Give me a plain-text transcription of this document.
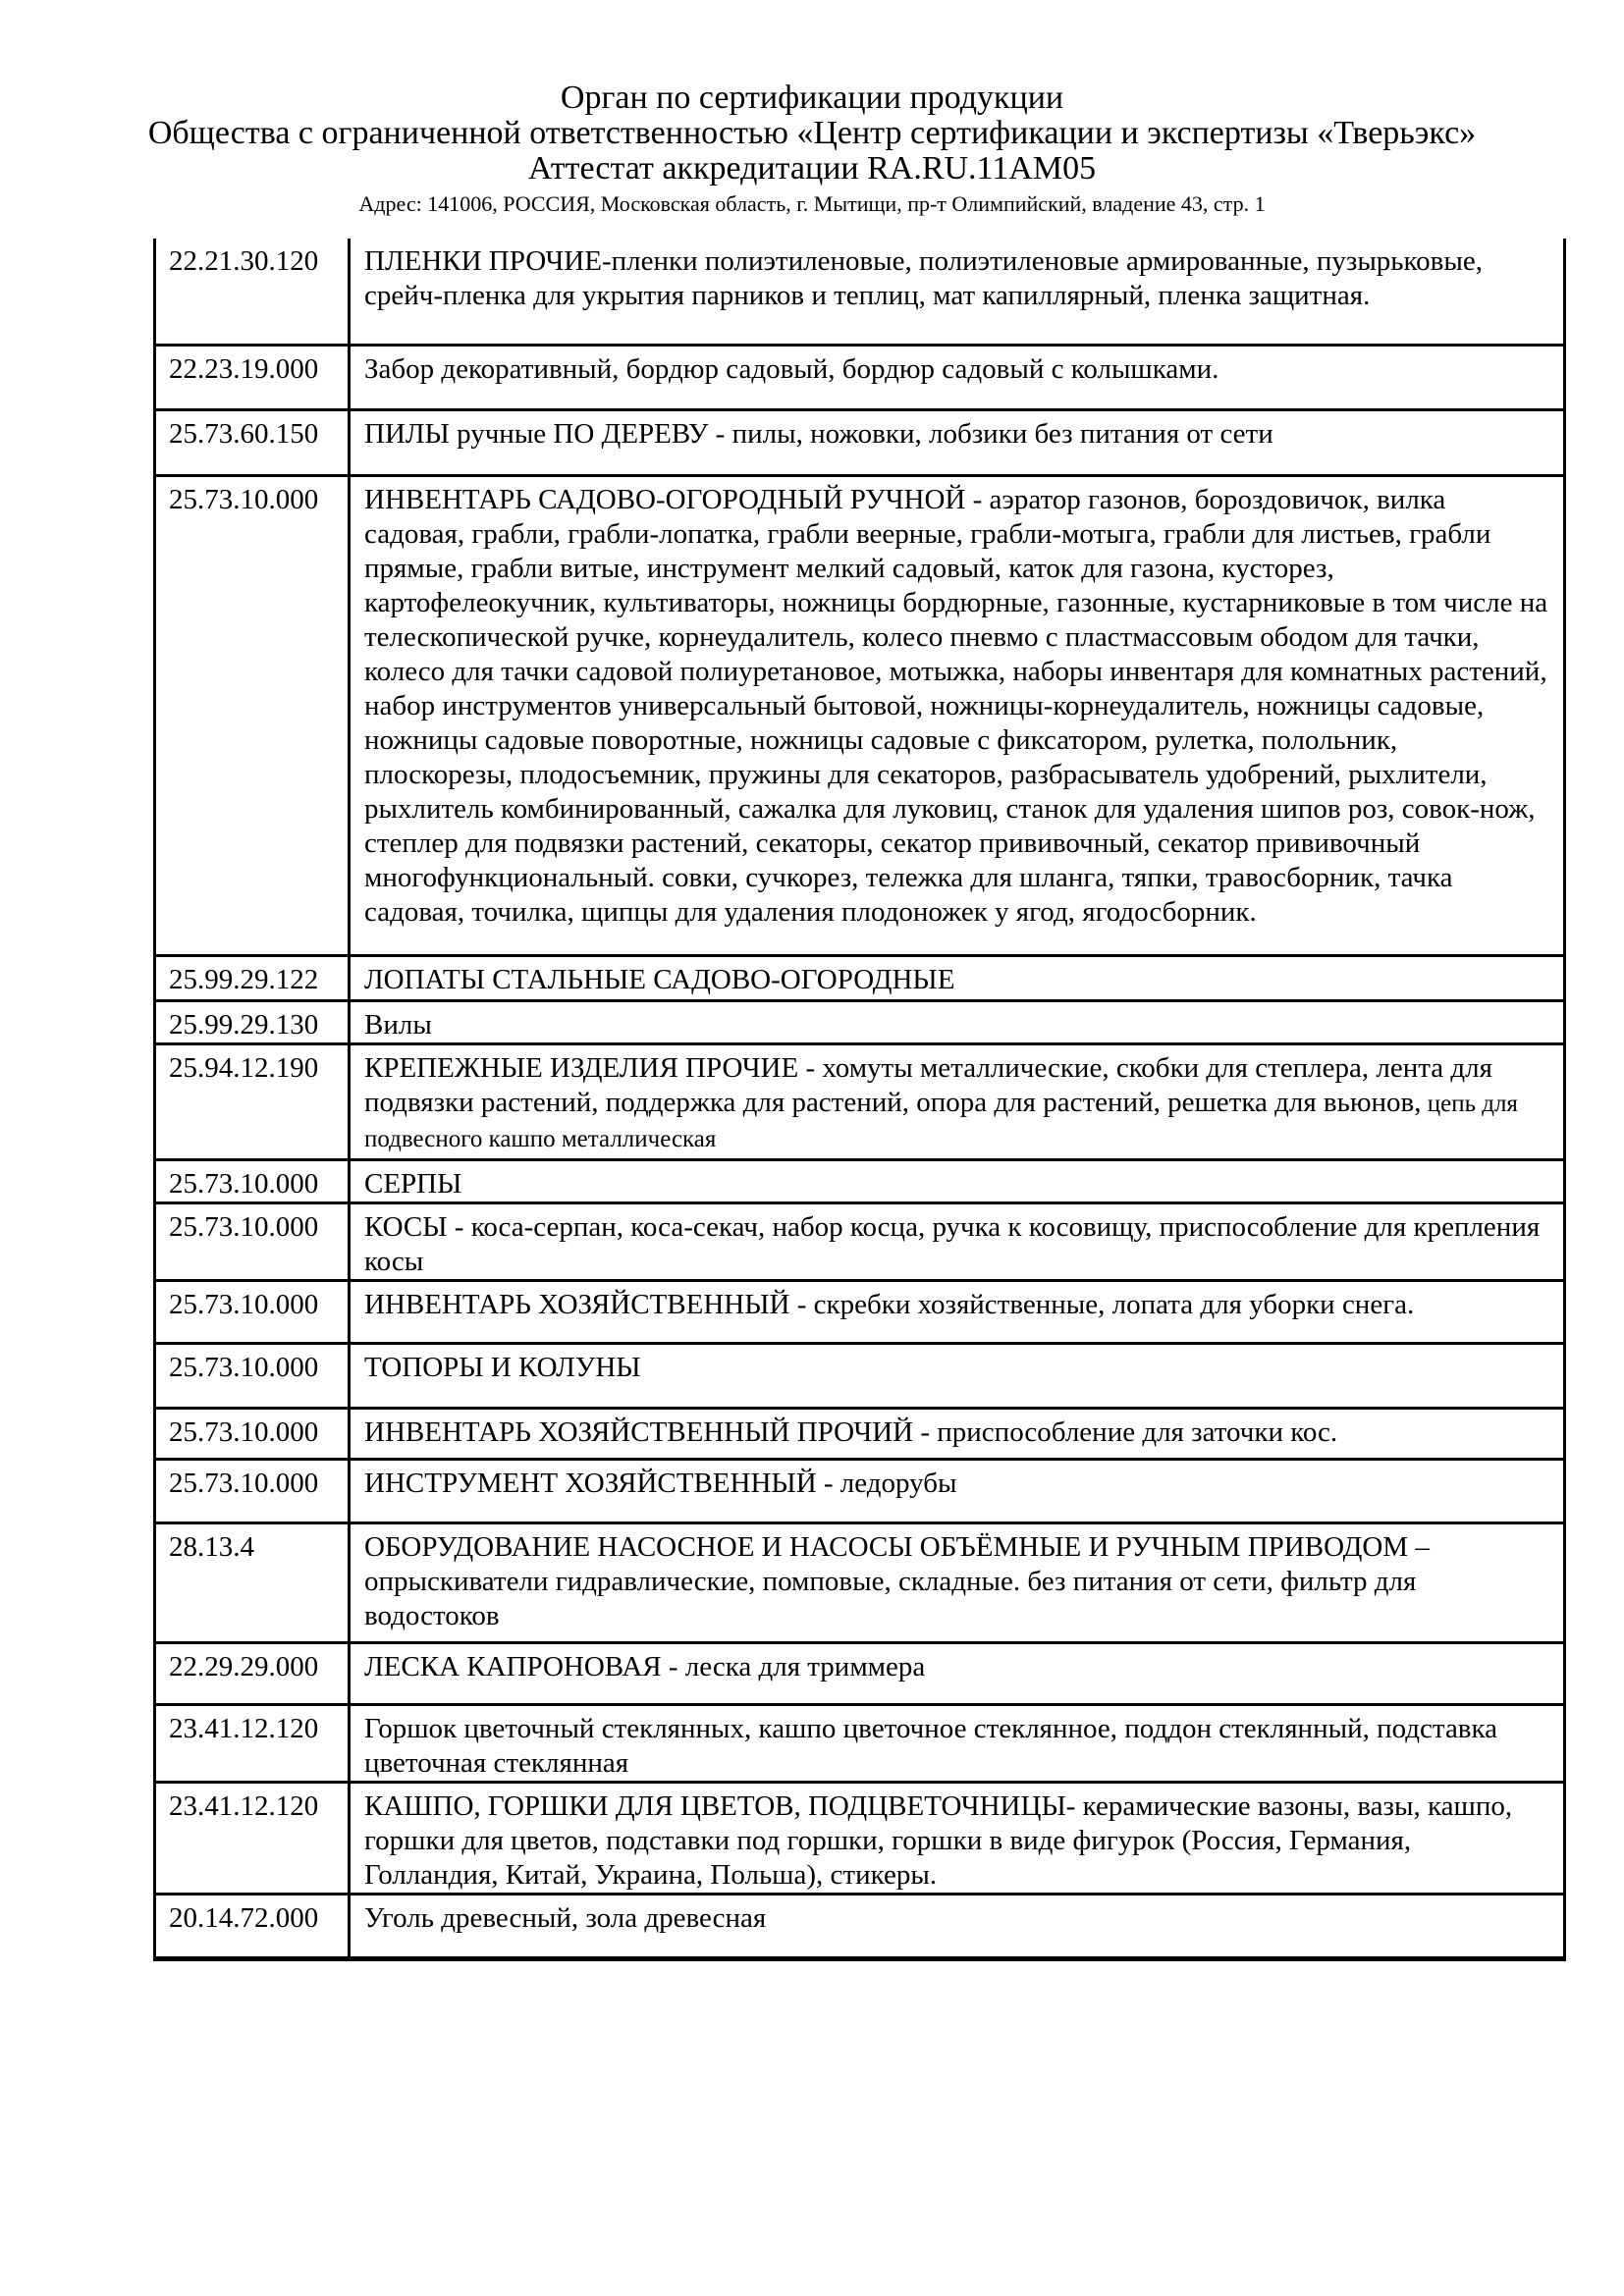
Орган по сертификации продукции
Общества с ограниченной ответственностью «Центр сертификации и экспертизы «Тверьэкс»
Аттестат аккредитации RA.RU.11АМ05
Адрес: 141006, РОССИЯ, Московская область, г. Мытищи, пр-т Олимпийский, владение 43, стр. 1
22.21.30.120	ПЛЕНКИ ПРОЧИЕ-пленки полиэтиленовые, полиэтиленовые армированные, пузырьковые, срейч-пленка для укрытия парников и теплиц, мат капиллярный, пленка защитная.
22.23.19.000	Забор декоративный, бордюр садовый, бордюр садовый с колышками.
25.73.60.150	ПИЛЫ ручные ПО ДЕРЕВУ - пилы, ножовки, лобзики без питания от сети
25.73.10.000	ИНВЕНТАРЬ САДОВО-ОГОРОДНЫЙ РУЧНОЙ - аэратор газонов, бороздовичок, вилка садовая, грабли, грабли-лопатка, грабли веерные, грабли-мотыга, грабли для листьев, грабли прямые, грабли витые, инструмент мелкий садовый, каток для газона, кусторез, картофелеокучник, культиваторы, ножницы бордюрные, газонные, кустарниковые в том числе на телескопической ручке, корнеудалитель, колесо пневмо с пластмассовым ободом для тачки, колесо для тачки садовой полиуретановое, мотыжка, наборы инвентаря для комнатных растений, набор инструментов универсальный бытовой, ножницы-корнеудалитель, ножницы садовые, ножницы садовые поворотные, ножницы садовые с фиксатором, рулетка, полольник, плоскорезы, плодосъемник, пружины для секаторов, разбрасыватель удобрений, рыхлители, рыхлитель комбинированный, сажалка для луковиц, станок для удаления шипов роз, совок-нож, степлер для подвязки растений, секаторы, секатор прививочный, секатор прививочный многофункциональный. совки, сучкорез, тележка для шланга, тяпки, травосборник, тачка садовая, точилка, щипцы для удаления плодоножек у ягод, ягодосборник.
25.99.29.122	ЛОПАТЫ СТАЛЬНЫЕ САДОВО-ОГОРОДНЫЕ
25.99.29.130	Вилы
25.94.12.190	КРЕПЕЖНЫЕ ИЗДЕЛИЯ ПРОЧИЕ - хомуты металлические, скобки для степлера, лента для подвязки растений, поддержка для растений, опора для растений, решетка для вьюнов, цепь для подвесного кашпо металлическая
25.73.10.000	СЕРПЫ
25.73.10.000	КОСЫ - коса-серпан, коса-секач, набор косца, ручка к косовищу, приспособление для крепления косы
25.73.10.000	ИНВЕНТАРЬ ХОЗЯЙСТВЕННЫЙ - скребки хозяйственные, лопата для уборки снега.
25.73.10.000	ТОПОРЫ И КОЛУНЫ
25.73.10.000	ИНВЕНТАРЬ ХОЗЯЙСТВЕННЫЙ ПРОЧИЙ - приспособление для заточки кос.
25.73.10.000	ИНСТРУМЕНТ ХОЗЯЙСТВЕННЫЙ - ледорубы
28.13.4	ОБОРУДОВАНИЕ НАСОСНОЕ И НАСОСЫ ОБЪЁМНЫЕ И РУЧНЫМ ПРИВОДОМ – опрыскиватели гидравлические, помповые, складные. без питания от сети, фильтр для водостоков
22.29.29.000	ЛЕСКА КАПРОНОВАЯ - леска для триммера
23.41.12.120	Горшок цветочный стеклянных, кашпо цветочное стеклянное, поддон стеклянный, подставка цветочная стеклянная
23.41.12.120	КАШПО, ГОРШКИ ДЛЯ ЦВЕТОВ, ПОДЦВЕТОЧНИЦЫ- керамические вазоны, вазы, кашпо, горшки для цветов, подставки под горшки, горшки в виде фигурок (Россия, Германия, Голландия, Китай, Украина, Польша), стикеры.
20.14.72.000	Уголь древесный, зола древесная
